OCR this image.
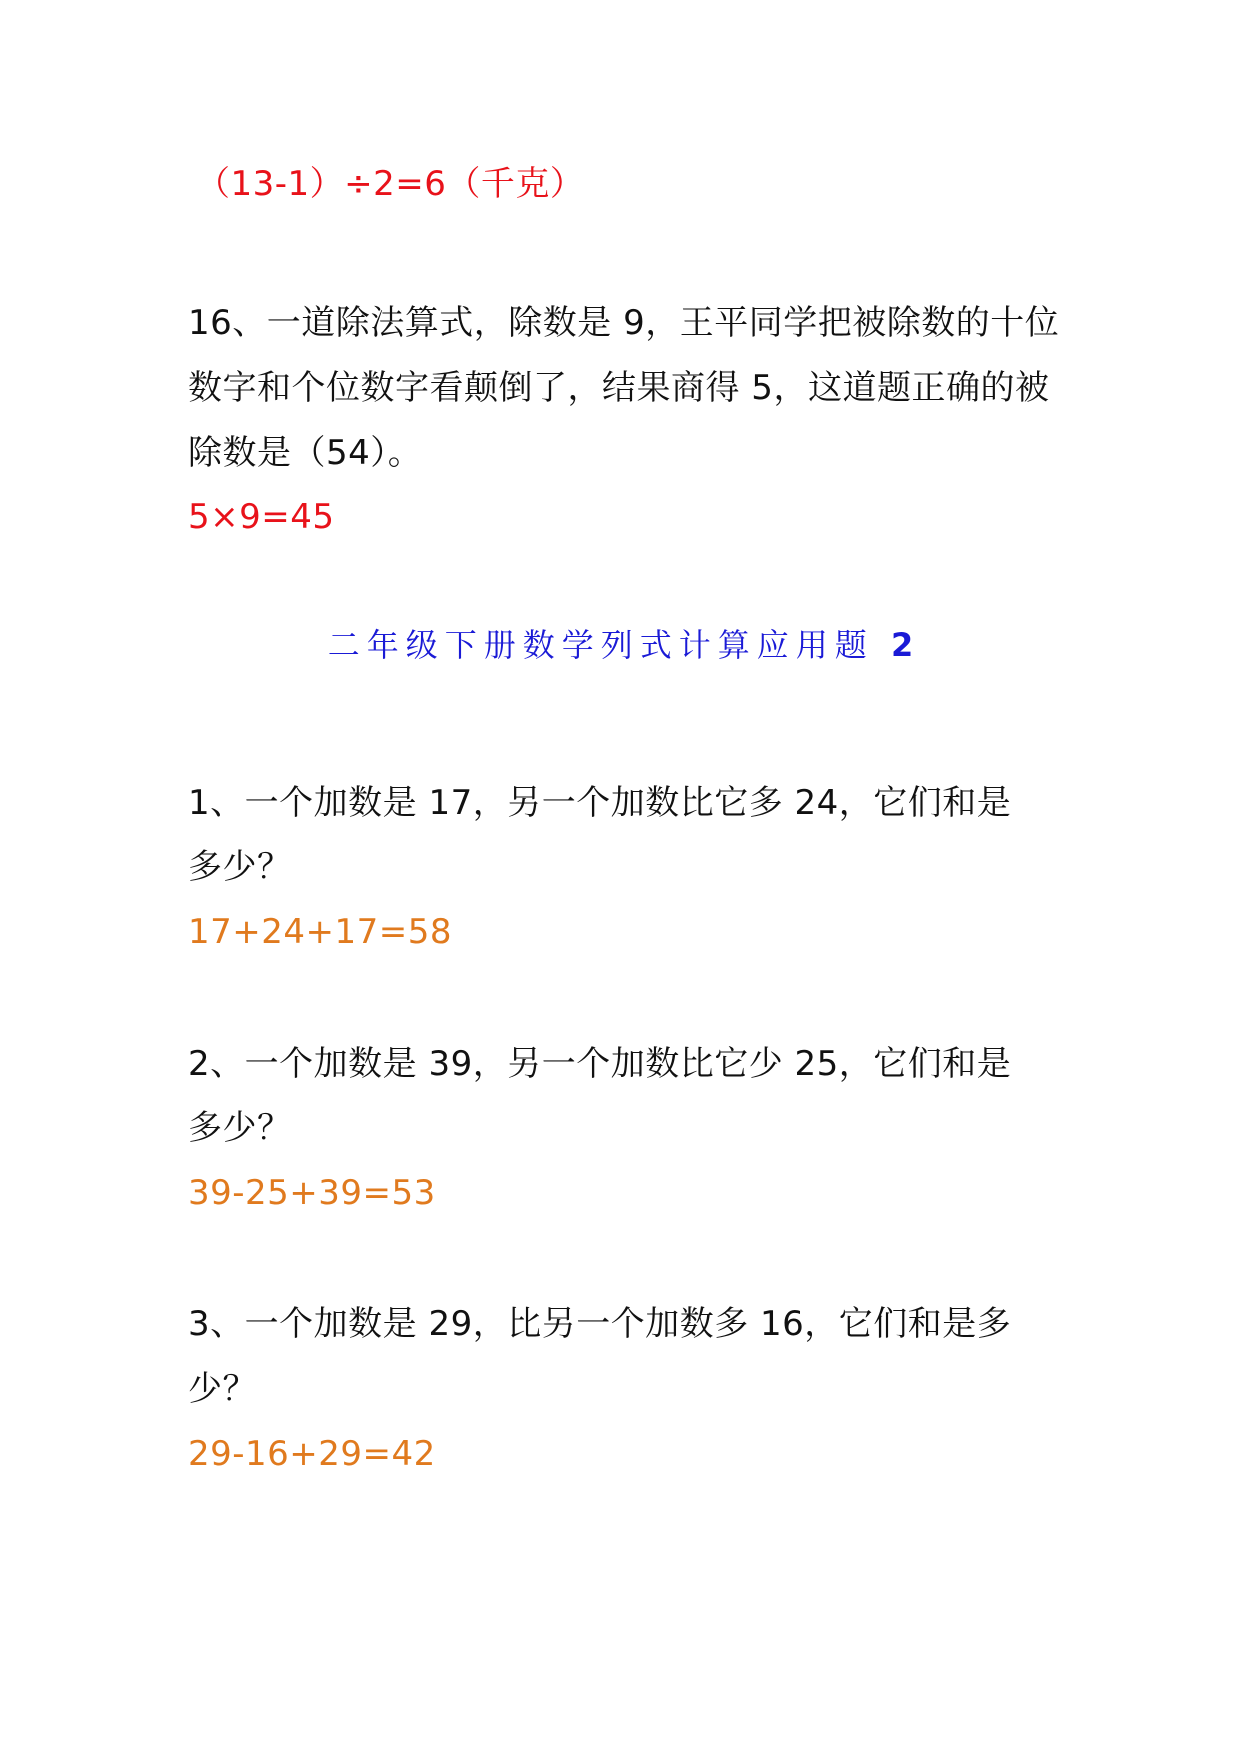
（13-1）÷2=6（千克）
16、一道除法算式，除数是 9，王平同学把被除数的十位
数字和个位数字看颠倒了，结果商得 5，这道题正确的被
除数是（54）。
5×9=45
二年级下册数学列式计算应用题 2
1、一个加数是 17，另一个加数比它多 24，它们和是
多少？
17+24+17=58
2、一个加数是 39，另一个加数比它少 25，它们和是
多少？
39-25+39=53
3、一个加数是 29，比另一个加数多 16，它们和是多
少？
29-16+29=42
